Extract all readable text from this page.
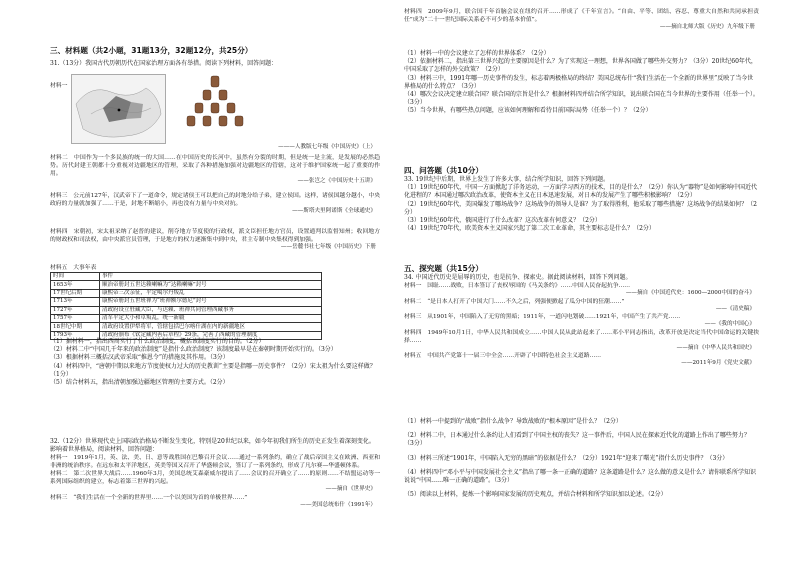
三、材料题（共2小题，31题13分，32题12分，共25分）

31.（13分）我国古代历朝历代在国家治理方面各有举措。阅读下列材料，回答问题：

材料一

———人教版七年级《中国历史》（上）

材料二　中国作为一个多民族的统一的大国……在中国历史的长河中，虽然有分裂的时期，但是统一是主流，是发展的必然趋势。历代封建王朝都十分重视对边疆地区的管理，采取了各种措施加强对边疆地区的管辖，这对于维护国家统一起了重要的作用。

——张岂之《中国历史十五讲》

材料三　公元前127年，汉武帝下了一道命令，规定诸侯王可以把自己的封地分给子弟，建立侯国。这样，诸侯国越分越小，中央政府的力量就加强了……于是，封地不断缩小，再也没有力量与中央对抗。

——斯塔夫里阿诺斯《全球通史》

材料四　宋朝初，宋太祖采纳了赵普的建议，削夺地方节度使的行政权，派文臣担任地方官员，设置通判以监督知州；收回地方的财政权和司法权，由中央派官员管理，于是地方的权力逐渐集中到中央，君主专制中央集权得到加强。

——岳麓书社七年级《中国历史》下册

材料五　大事年表

时间	事件
1653年	顺治帝册封五世达赖喇嘛为“达赖喇嘛”封号
17世纪后期	康熙帝三次亲征，平定噶尔丹叛乱
1713年	康熙帝册封五世班禅为“班禅额尔德尼”封号
1727年	清政府设立驻藏大臣，与达赖、班禅共同管理西藏事务
1757年	清军平定大小和卓叛乱，统一新疆
18世纪中期	清政府设置伊犁将军，管辖包括巴尔喀什湖在内的新疆地区
1793年	清政府颁布《钦定藏内善后章程》29条，完善了西藏的管理制度

（1）据材料一，指出西周实行了什么政治制度，概括该制度实行的目的。（2分）

（2）材料二中“中国几千年来的政治制度”是指什么政治制度？该制度最早是在秦朝时期开始实行的。（3分）

（3）根据材料三概括汉武帝采取“推恩令”的措施及其作用。（3分）

（4）材料四中，“唐朝中期以来地方节度使权力过大的历史教训”主要是指哪一历史事件？（2分）宋太祖为什么要这样做？（1分）

（5）结合材料五，指出清朝加强边疆地区管理的主要方式。（2分）

32.（12分）世界现代史上国际政治格局不断发生变化，特别是20世纪以来，如今年初我们所生的历史正发生着深刻变化。影响着世界格局，阅读材料，回答问题：

材料一　1919年1月，英、法、美、日、意等战胜国在巴黎召开会议……通过一系列条约，确立了战后帝国主义在欧洲、西亚和非洲的统治秩序。在远东和太平洋地区，英美等国又召开了华盛顿会议，签订了一系列条约，形成了凡尔赛—华盛顿体系。

材料二　第二次世界大战后……1960年3月，美国总统艾森豪威尔提出了……会议的召开确立了……的原则……不结盟运动等一系列国际组织的建立，标志着第三世界的兴起。

——摘自《世界史》

材料三　“我们生活在一个全新的世界里……一个以美国为首的单极世界……”

——美国总统布什（1991年）

材料四　2009年9月，联合国千年首脑会议在纽约召开……形成了《千年宣言》。“自由、平等、团结、容忍、尊重大自然和共同承担责任”成为“二十一世纪国际关系必不可少的基本价值”。

——摘自北师大版《历史》九年级下册

（1）材料一中的会议建立了怎样的世界体系？（2分）

（2）依据材料二，指出第三世界兴起的主要原因是什么？为了实现这一理想，世界各国做了哪些外交努力？（3分）20世纪60年代，中国采取了怎样的外交政策？（2分）

（3）材料三中，1991年哪一历史事件的发生，标志着两极格局的终结？美国总统布什“我们生活在一个全新的世界里”反映了当今世界格局的什么特点？（3分）

（4）哪次会议决定建立联合国？联合国的宗旨是什么？根据材料四并结合所学知识，说出联合国在当今世界的主要作用（任举一个）。（3分）

（5）当今世界，有哪些热点问题，应该如何理解和看待目前国际局势（任举一个）？（2分）

四、问答题（共10分）

33. 19世纪中后期，世界上发生了许多大事，结合所学知识，回答下列问题。

（1）19世纪60年代，中国一方面掀起了洋务运动，一方面学习西方的技术，目的是什么？（2分）你认为“器物”是如何影响中国近代化进程的？本国通过哪次政治改革，使资本主义在日本迅速发展，对日本的发展产生了哪些积极影响？（2分）

（2）19世纪60年代，美国爆发了哪场战争？这场战争的领导人是谁？为了取得胜利，他采取了哪些措施？这场战争的结果如何？（2分）

（3）19世纪60年代，俄国进行了什么改革？这次改革有何意义？（2分）

（4）19世纪70年代，欧美资本主义国家兴起了第二次工业革命，其主要标志是什么？（2分）

五、探究题（共15分）

34. 中国近代历史是屈辱的历史，也是抗争、探索史。据此阅读材料，回答下列问题。

材料一　国耻……战败，日本签订了丧权辱国的《马关条约》……中国人民奋起抗争……

——摘自《中国近代史：1600—2000中国的奋斗》

材料二　“是日本人打开了中国大门……不久之后，列强便掀起了瓜分中国的狂潮……”

——《清史稿》

材料三　从1901年，中国陷入了无穷的黑暗；1911年，一道闪电划破……1921年，中国产生了共产党……

——《我的中国心》

材料四　1949年10月1日，中华人民共和国成立……中国人民从此站起来了……邓小平同志指出，改革开放是决定当代中国命运的关键抉择……

——摘自《中华人民共和国史》

材料五　中国共产党第十一届三中全会……开辟了中国特色社会主义道路……

——2011年9月《党史文献》

（1）材料一中提到的“战败”指什么战争？导致战败的“根本原因”是什么？（2分）

（2）材料二中，日本通过什么条约让人们看到了中国主权的丧失？这一事件后，中国人民在探索近代化的道路上作出了哪些努力？（3分）

（3）材料三所述“1901年，中国陷入无穷的黑暗”的依据是什么？（2分）1921年“迎来了曙光”指什么历史事件？（3分）

（4）材料四中“邓小平与中国发展社会主义”指出了哪一条一正确的道路？这条道路是什么？这么做的意义是什么？请你联系所学知识说说“中国……唯一正确的道路”。（3分）

（5）阅读以上材料，提炼一个影响国家发展的历史观点，并结合材料和所学知识加以论述。（2分）
